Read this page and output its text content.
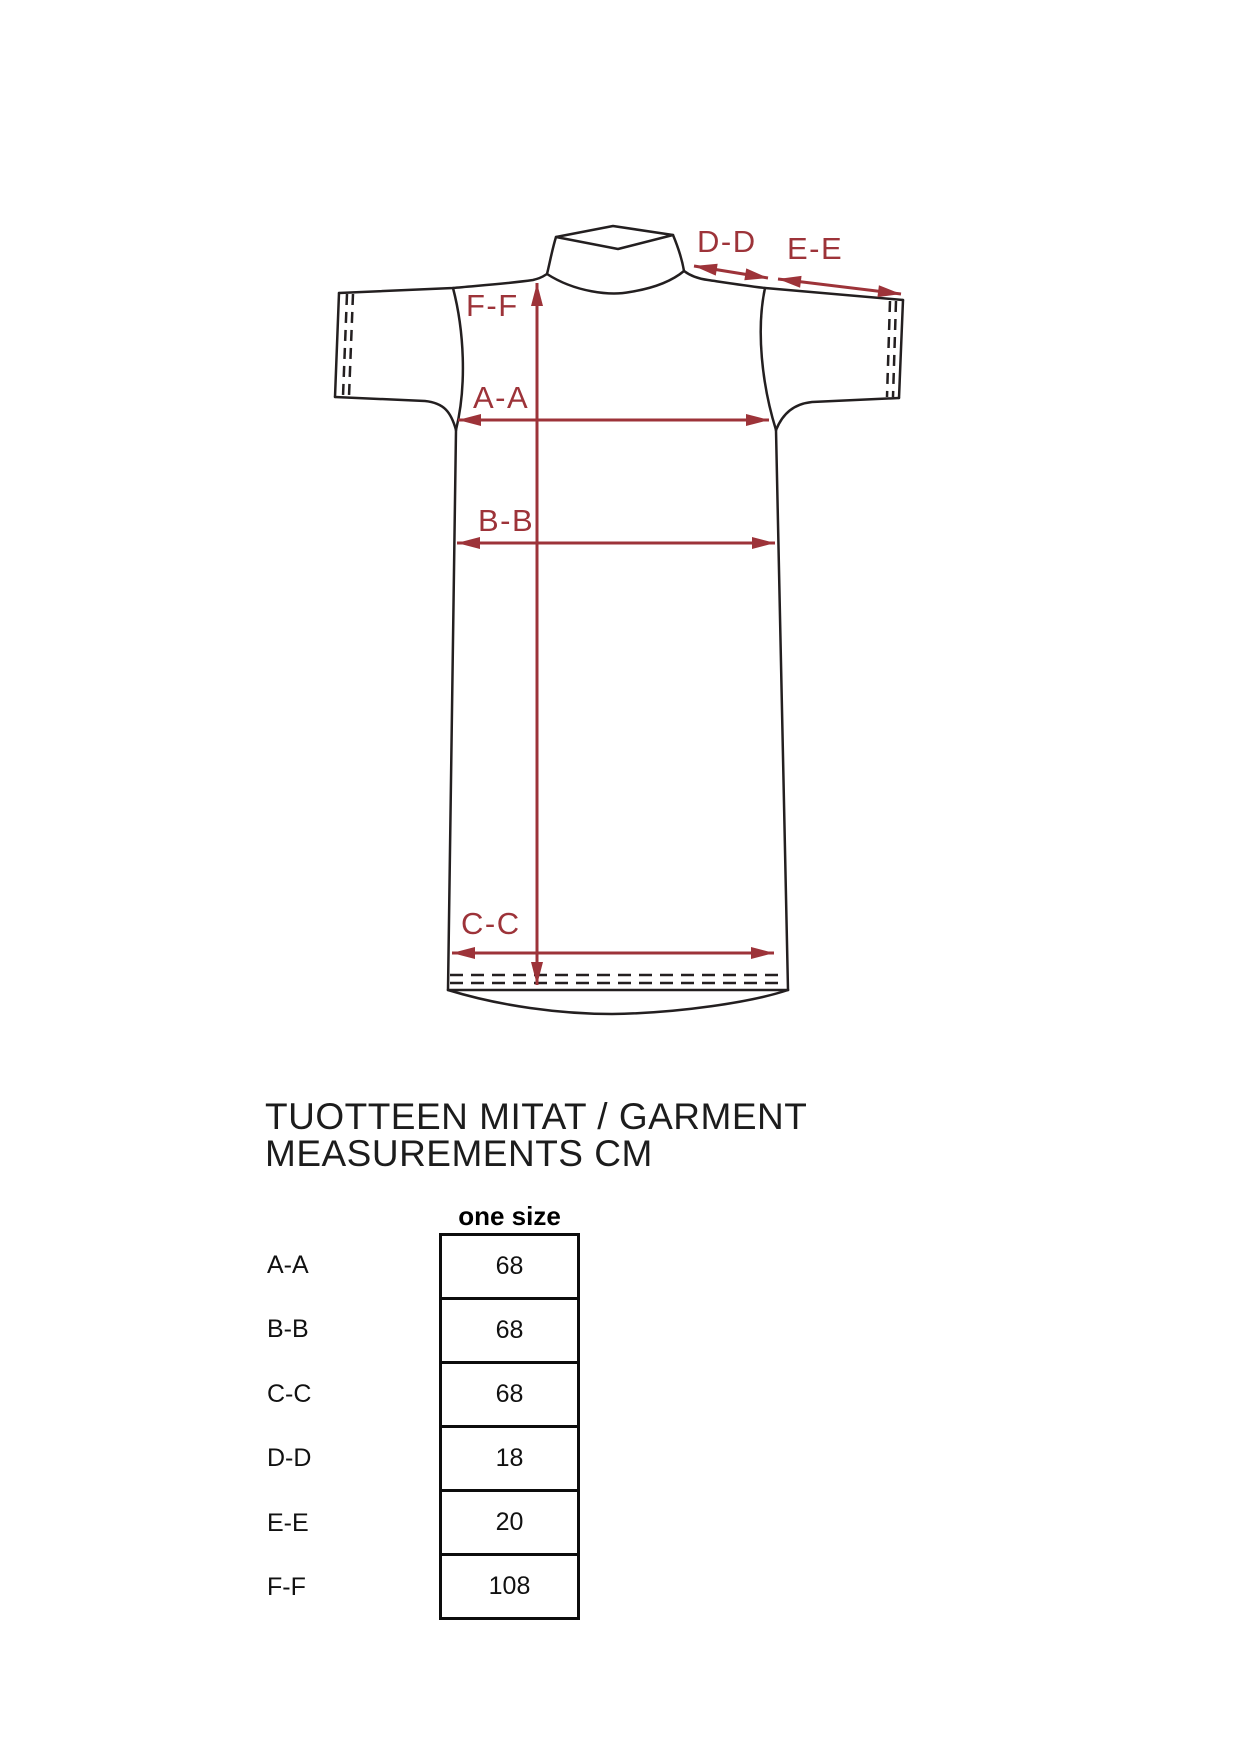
F-F
A-A
B-B
C-C
D-D E-E
TUOTTEEN MITAT / GARMENT
MEASUREMENTS CM
one size
A-A
B-B
C-C
D-D
E-E
F-F
68
68
68
18
20
108
